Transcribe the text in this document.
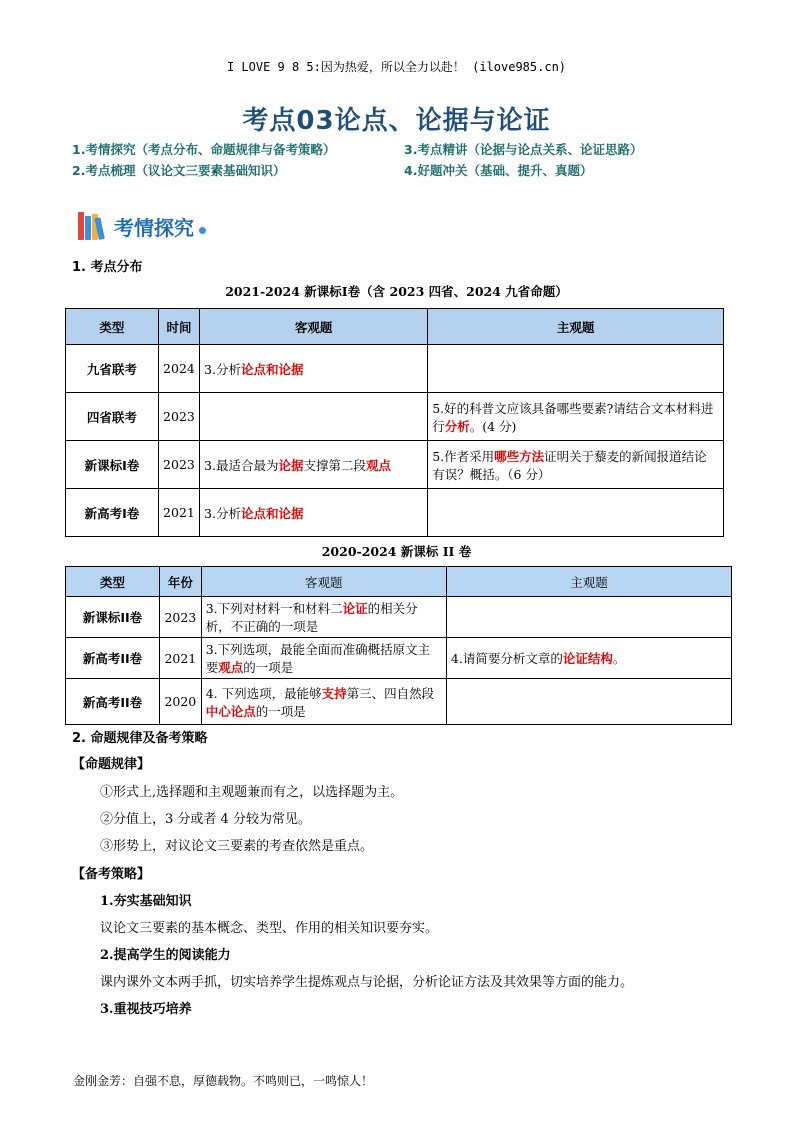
I LOVE 9 8 5:因为热爱，所以全力以赴！ (ilove985.cn)
考点03论点、论据与论证
1.考情探究（考点分布、命题规律与备考策略）
2.考点梳理（议论文三要素基础知识）
3.考点精讲（论据与论点关系、论证思路）
4.好题冲关（基础、提升、真题）
考情探究
1. 考点分布
2021-2024 新课标Ⅰ卷（含 2023 四省、2024 九省命题）
类型	时间	客观题	主观题
九省联考	2024	3.分析论点和论据	
四省联考	2023		5.好的科普文应该具备哪些要素?请结合文本材料进行分析。(4 分)
新课标Ⅰ卷	2023	3.最适合最为论据支撑第二段观点	5.作者采用哪些方法证明关于藜麦的新闻报道结论有误？概括。（6 分）
新高考Ⅰ卷	2021	3.分析论点和论据	
2020-2024 新课标 II 卷
类型	年份	客观题	主观题
新课标II卷	2023	3.下列对材料一和材料二论证的相关分析，不正确的一项是	
新高考II卷	2021	3.下列选项，最能全面而准确概括原文主要观点的一项是	4.请简要分析文章的论证结构。
新高考II卷	2020	4. 下列选项，最能够支持第三、四自然段中心论点的一项是	
2. 命题规律及备考策略
【命题规律】
①形式上,选择题和主观题兼而有之，以选择题为主。
②分值上，3 分或者 4 分较为常见。
③形势上，对议论文三要素的考查依然是重点。
【备考策略】
1.夯实基础知识
议论文三要素的基本概念、类型、作用的相关知识要夯实。
2.提高学生的阅读能力
课内课外文本两手抓，切实培养学生提炼观点与论据，分析论证方法及其效果等方面的能力。
3.重视技巧培养
金刚金芳：自强不息，厚德载物。不鸣则已，一鸣惊人！
